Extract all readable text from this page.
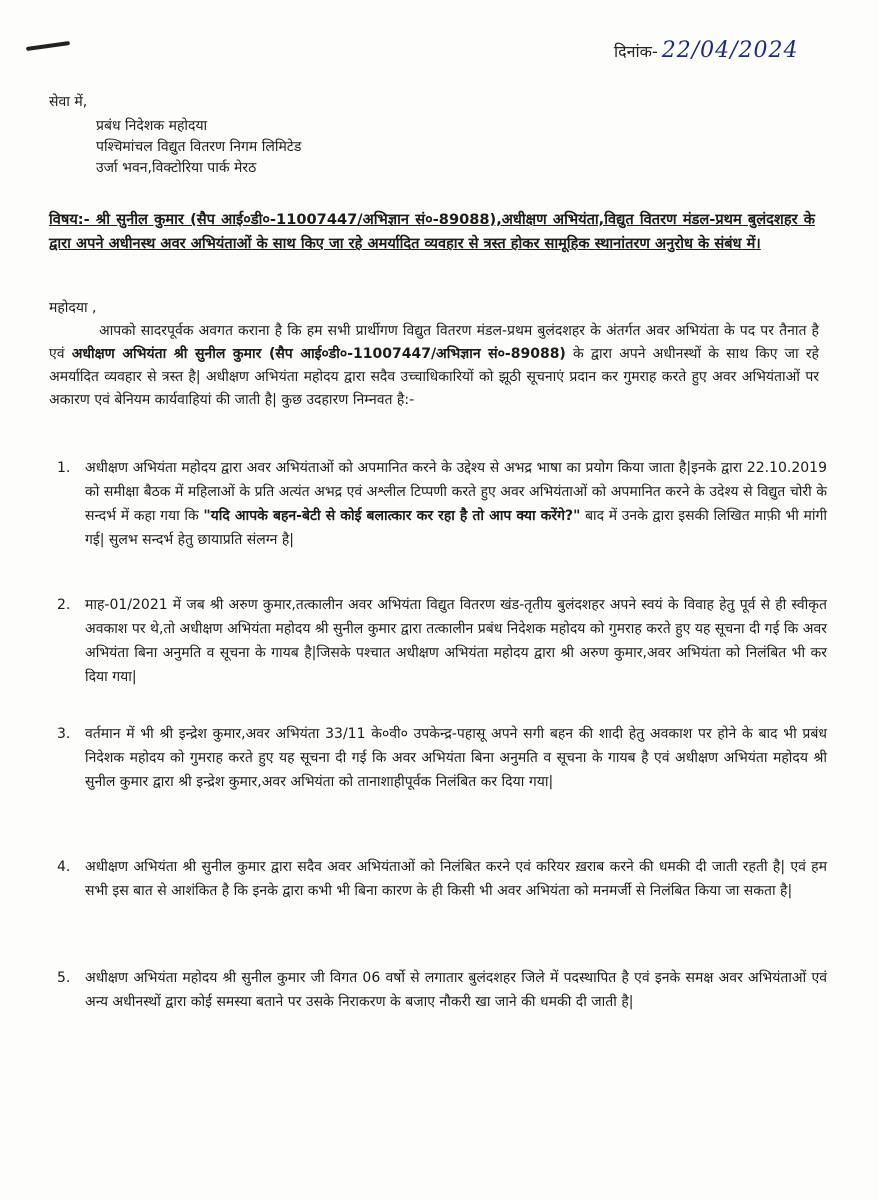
दिनांक- 22/04/2024
सेवा में,
प्रबंध निदेशक महोदया
पश्चिमांचल विद्युत वितरण निगम लिमिटेड
उर्जा भवन,विक्टोरिया पार्क मेरठ
विषय:- श्री सुनील कुमार (सैप आई०डी०-11007447/अभिज्ञान सं०-89088),अधीक्षण अभियंता,विद्युत वितरण मंडल-प्रथम बुलंदशहर के द्वारा अपने अधीनस्थ अवर अभियंताओं के साथ किए जा रहे अमर्यादित व्यवहार से त्रस्त होकर सामूहिक स्थानांतरण अनुरोध के संबंध में।
महोदया ,
आपको सादरपूर्वक अवगत कराना है कि हम सभी प्रार्थीगण विद्युत वितरण मंडल-प्रथम बुलंदशहर के अंतर्गत अवर अभियंता के पद पर तैनात है एवं अधीक्षण अभियंता श्री सुनील कुमार (सैप आई०डी०-11007447/अभिज्ञान सं०-89088) के द्वारा अपने अधीनस्थों के साथ किए जा रहे अमर्यादित व्यवहार से त्रस्त है| अधीक्षण अभियंता महोदय द्वारा सदैव उच्चाधिकारियों को झूठी सूचनाएं प्रदान कर गुमराह करते हुए अवर अभियंताओं पर अकारण एवं बेनियम कार्यवाहियां की जाती है| कुछ उदहारण निम्नवत है:-
1.	अधीक्षण अभियंता महोदय द्वारा अवर अभियंताओं को अपमानित करने के उद्देश्य से अभद्र भाषा का प्रयोग किया जाता है|इनके द्वारा 22.10.2019 को समीक्षा बैठक में महिलाओं के प्रति अत्यंत अभद्र एवं अश्लील टिप्पणी करते हुए अवर अभियंताओं को अपमानित करने के उदेश्य से विद्युत चोरी के सन्दर्भ में कहा गया कि "यदि आपके बहन-बेटी से कोई बलात्कार कर रहा है तो आप क्या करेंगे?" बाद में उनके द्वारा इसकी लिखित माफ़ी भी मांगी गई| सुलभ सन्दर्भ हेतु छायाप्रति संलग्न है|
2.	माह-01/2021 में जब श्री अरुण कुमार,तत्कालीन अवर अभियंता विद्युत वितरण खंड-तृतीय बुलंदशहर अपने स्वयं के विवाह हेतु पूर्व से ही स्वीकृत अवकाश पर थे,तो अधीक्षण अभियंता महोदय श्री सुनील कुमार द्वारा तत्कालीन प्रबंध निदेशक महोदय को गुमराह करते हुए यह सूचना दी गई कि अवर अभियंता बिना अनुमति व सूचना के गायब है|जिसके पश्चात अधीक्षण अभियंता महोदय द्वारा श्री अरुण कुमार,अवर अभियंता को निलंबित भी कर दिया गया|
3.	वर्तमान में भी श्री इन्द्रेश कुमार,अवर अभियंता 33/11 के०वी० उपकेन्द्र-पहासू अपने सगी बहन की शादी हेतु अवकाश पर होने के बाद भी प्रबंध निदेशक महोदय को गुमराह करते हुए यह सूचना दी गई कि अवर अभियंता बिना अनुमति व सूचना के गायब है एवं अधीक्षण अभियंता महोदय श्री सुनील कुमार द्वारा श्री इन्द्रेश कुमार,अवर अभियंता को तानाशाहीपूर्वक निलंबित कर दिया गया|
4.	अधीक्षण अभियंता श्री सुनील कुमार द्वारा सदैव अवर अभियंताओं को निलंबित करने एवं करियर ख़राब करने की धमकी दी जाती रहती है| एवं हम सभी इस बात से आशंकित है कि इनके द्वारा कभी भी बिना कारण के ही किसी भी अवर अभियंता को मनमर्जी से निलंबित किया जा सकता है|
5.	अधीक्षण अभियंता महोदय श्री सुनील कुमार जी विगत 06 वर्षो से लगातार बुलंदशहर जिले में पदस्थापित है एवं इनके समक्ष अवर अभियंताओं एवं अन्य अधीनस्थों द्वारा कोई समस्या बताने पर उसके निराकरण के बजाए नौकरी खा जाने की धमकी दी जाती है|
